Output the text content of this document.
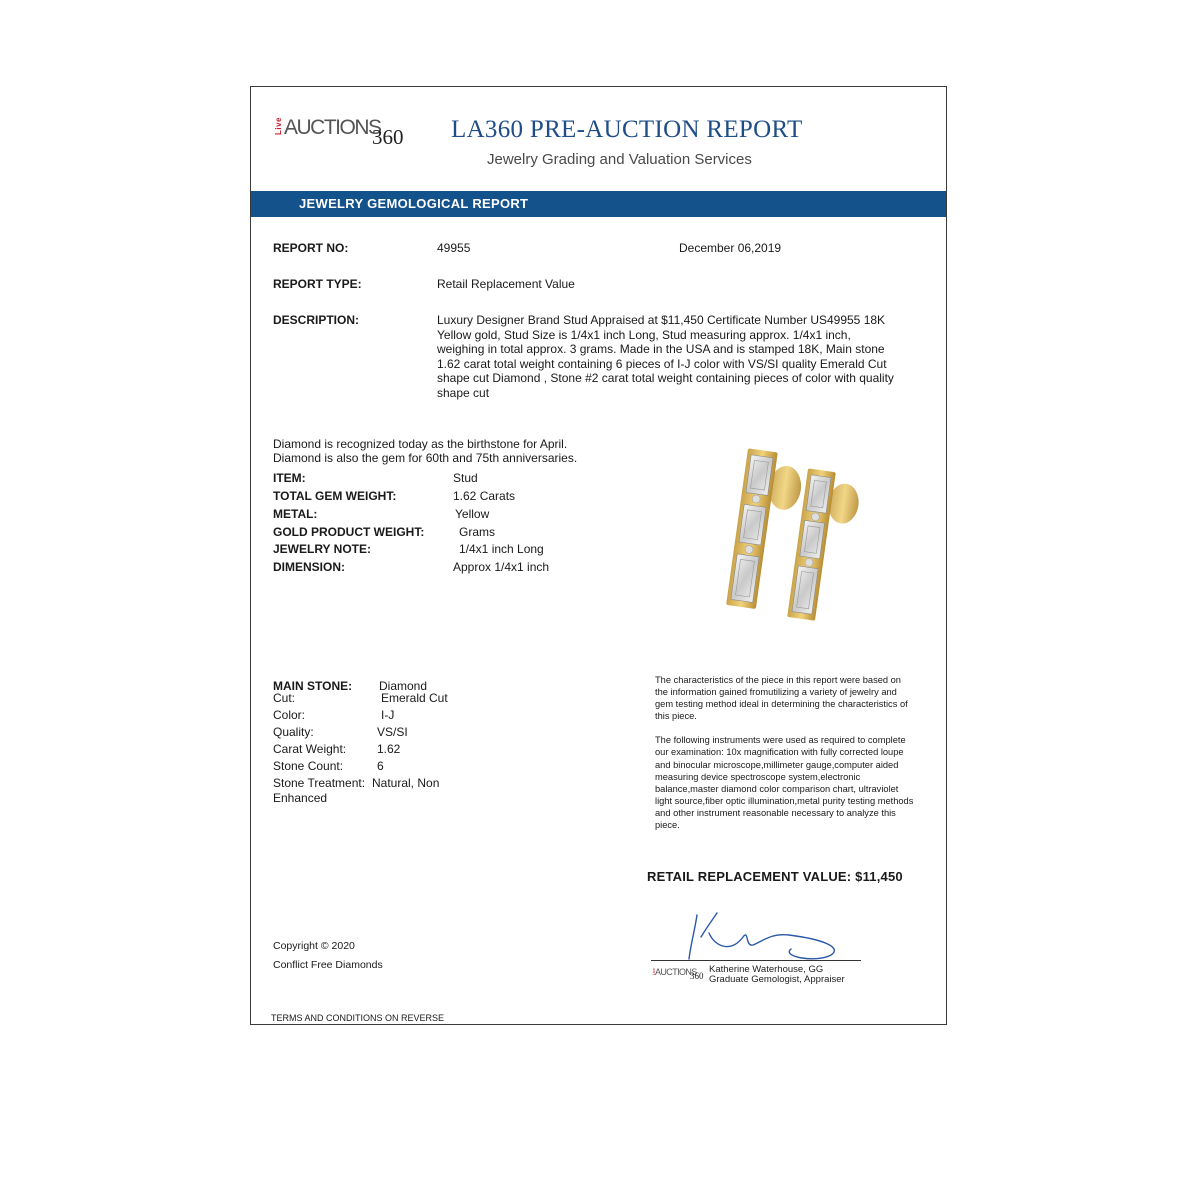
Live AUCTIONS
360 LA360 PRE-AUCTION REPORT
Jewelry Grading and Valuation Services
JEWELRY GEMOLOGICAL REPORT
REPORT NO:	49955	December 06,2019
REPORT TYPE:	Retail Replacement Value
DESCRIPTION:	Luxury Designer Brand Stud Appraised at $11,450 Certificate Number US49955 18K Yellow gold, Stud Size is 1/4x1 inch Long, Stud measuring approx. 1/4x1 inch, weighing in total approx. 3 grams. Made in the USA and is stamped 18K, Main stone 1.62 carat total weight containing 6 pieces of I-J color with VS/SI quality Emerald Cut shape cut Diamond , Stone #2 carat total weight containing pieces of color with quality shape cut
Diamond is recognized today as the birthstone for April.
Diamond is also the gem for 60th and 75th anniversaries.
ITEM:	Stud
TOTAL GEM WEIGHT:	1.62 Carats
METAL:	Yellow
GOLD PRODUCT WEIGHT:	Grams
JEWELRY NOTE:	1/4x1 inch Long
DIMENSION:	Approx 1/4x1 inch
MAIN STONE: Diamond
Cut:	Emerald Cut
Color:	I-J
Quality:	VS/SI
Carat Weight:	1.62
Stone Count:	6
Stone Treatment: Natural, Non
Enhanced

The characteristics of the piece in this report were based on the information gained fromutilizing a variety of jewelry and gem testing method ideal in determining the characteristics of this piece.

The following instruments were used as required to complete our examination: 10x magnification with fully corrected loupe and binocular microscope,millimeter gauge,computer aided measuring device spectroscope system,electronic balance,master diamond color comparison chart, ultraviolet light source,fiber optic illumination,metal purity testing methods and other instrument reasonable necessary to analyze this piece.

RETAIL REPLACEMENT VALUE: $11,450
Live AUCTIONS
360
Katherine Waterhouse, GG
Graduate Gemologist, Appraiser
Copyright © 2020
Conflict Free Diamonds
TERMS AND CONDITIONS ON REVERSE
